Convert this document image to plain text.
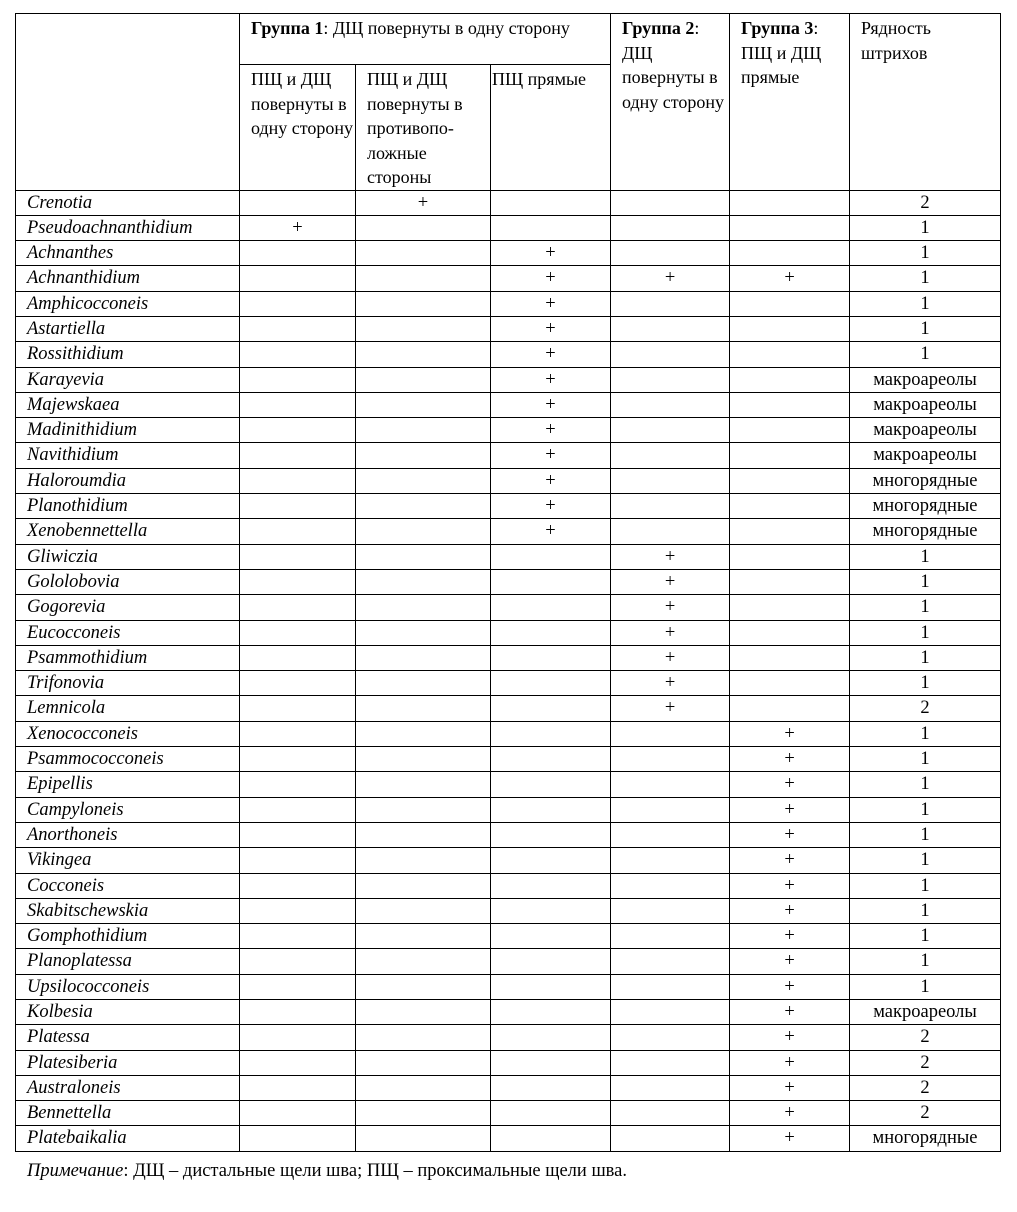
	Группа 1: ДЩ повернуты в одну сторону			Группа 2: ДЩ повернуты в одну сторону	Группа 3: ПЩ и ДЩ прямые	Рядность штрихов
	ПЩ и ДЩ повернуты в одну сторону	ПЩ и ДЩ повернуты в противопо-ложные стороны	ПЩ прямые			
Crenotia		+				2
Pseudoachnanthidium	+					1
Achnanthes			+			1
Achnanthidium			+	+	+	1
Amphicocconeis			+			1
Astartiella			+			1
Rossithidium			+			1
Karayevia			+			макроареолы
Majewskaea			+			макроареолы
Madinithidium			+			макроареолы
Navithidium			+			макроареолы
Haloroumdia			+			многорядные
Planothidium			+			многорядные
Xenobennettella			+			многорядные
Gliwiczia				+		1
Gololobovia				+		1
Gogorevia				+		1
Eucocconeis				+		1
Psammothidium				+		1
Trifonovia				+		1
Lemnicola				+		2
Xenococconeis					+	1
Psammococconeis					+	1
Epipellis					+	1
Campyloneis					+	1
Anorthoneis					+	1
Vikingea					+	1
Cocconeis					+	1
Skabitschewskia					+	1
Gomphothidium					+	1
Planoplatessa					+	1
Upsilococconeis					+	1
Kolbesia					+	макроареолы
Platessa					+	2
Platesiberia					+	2
Australoneis					+	2
Bennettella					+	2
Platebaikalia					+	многорядные
Примечание: ДЩ – дистальные щели шва; ПЩ – проксимальные щели шва.
